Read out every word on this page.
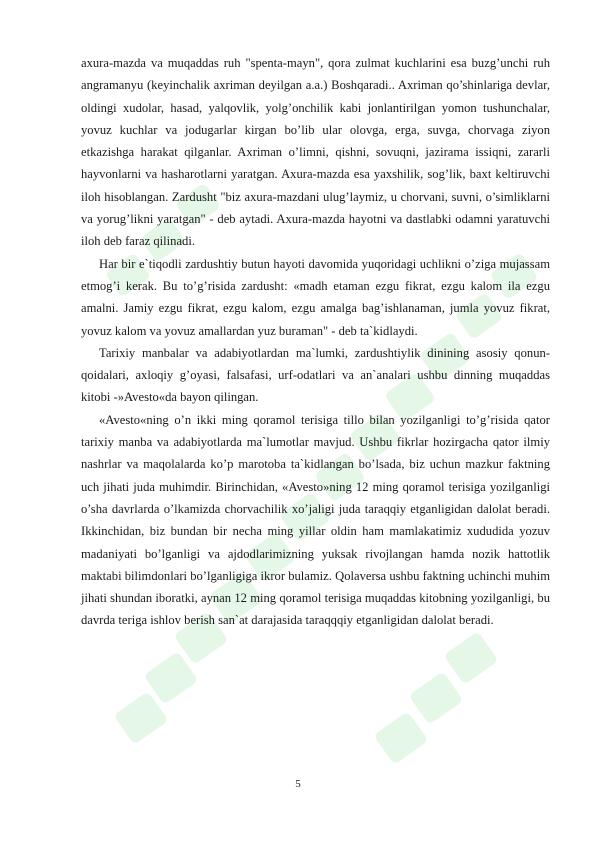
axura-mazda va muqaddas ruh "spenta-mayn", qora zulmat kuchlarini esa buzg’unchi ruh angramanyu (keyinchalik axriman deyilgan a.a.) Boshqaradi.. Axriman qo’shinlariga devlar, oldingi xudolar, hasad, yalqovlik, yolg’onchilik kabi jonlantirilgan yomon tushunchalar, yovuz kuchlar va jodugarlar kirgan bo’lib ular olovga, erga, suvga, chorvaga ziyon etkazishga harakat qilganlar. Axriman o’limni, qishni, sovuqni, jazirama issiqni, zararli hayvonlarni va hasharotlarni yaratgan. Axura-mazda esa yaxshilik, sog’lik, baxt keltiruvchi iloh hisoblangan. Zardusht "biz axura-mazdani ulug’laymiz, u chorvani, suvni, o’simliklarni va yorug’likni yaratgan" - deb aytadi. Axura-mazda hayotni va dastlabki odamni yaratuvchi iloh deb faraz qilinadi.

Har bir e`tiqodli zardushtiy butun hayoti davomida yuqoridagi uchlikni o’ziga mujassam etmog’i kerak. Bu to’g’risida zardusht: «madh etaman ezgu fikrat, ezgu kalom ila ezgu amalni. Jamiy ezgu fikrat, ezgu kalom, ezgu amalga bag’ishlanaman, jumla yovuz fikrat, yovuz kalom va yovuz amallardan yuz buraman" - deb ta`kidlaydi.

Tarixiy manbalar va adabiyotlardan ma`lumki, zardushtiylik dinining asosiy qonun-qoidalari, axloqiy g’oyasi, falsafasi, urf-odatlari va an`analari ushbu dinning muqaddas kitobi -»Avesto«da bayon qilingan.

«Avesto«ning o’n ikki ming qoramol terisiga tillo bilan yozilganligi to’g’risida qator tarixiy manba va adabiyotlarda ma`lumotlar mavjud. Ushbu fikrlar hozirgacha qator ilmiy nashrlar va maqolalarda ko’p marotoba ta`kidlangan bo’lsada, biz uchun mazkur faktning uch jihati juda muhimdir. Birinchidan, «Avesto»ning 12 ming qoramol terisiga yozilganligi o’sha davrlarda o’lkamizda chorvachilik xo’jaligi juda taraqqiy etganligidan dalolat beradi. Ikkinchidan, biz bundan bir necha ming yillar oldin ham mamlakatimiz xududida yozuv madaniyati bo’lganligi va ajdodlarimizning yuksak rivojlangan hamda nozik hattotlik maktabi bilimdonlari bo’lganligiga ikror bulamiz. Qolaversa ushbu faktning uchinchi muhim jihati shundan iboratki, aynan 12 ming qoramol terisiga muqaddas kitobning yozilganligi, bu davrda teriga ishlov berish san`at darajasida taraqqqiy etganligidan dalolat beradi.

5
